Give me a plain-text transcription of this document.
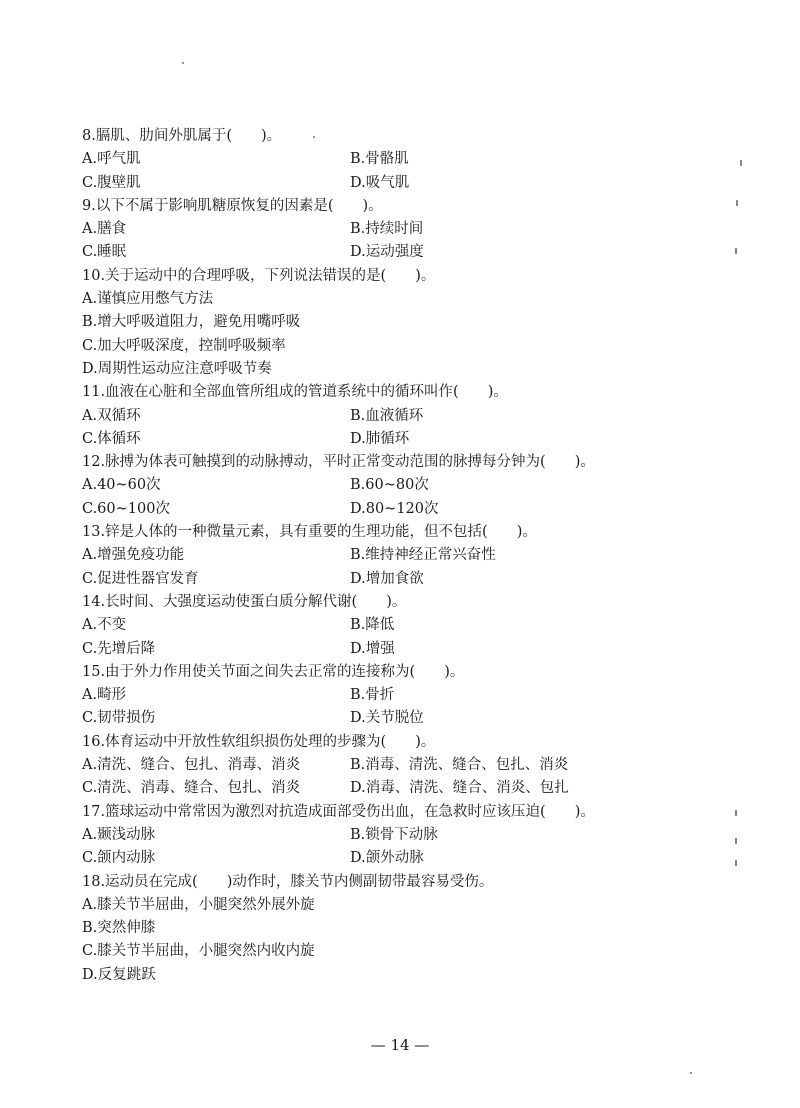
8.膈肌、肋间外肌属于(　　)。
A.呼气肌	B.骨骼肌
C.腹壁肌	D.吸气肌
9.以下不属于影响肌糖原恢复的因素是(　　)。
A.膳食	B.持续时间
C.睡眠	D.运动强度
10.关于运动中的合理呼吸，下列说法错误的是(　　)。
A.谨慎应用憋气方法
B.增大呼吸道阻力，避免用嘴呼吸
C.加大呼吸深度，控制呼吸频率
D.周期性运动应注意呼吸节奏
11.血液在心脏和全部血管所组成的管道系统中的循环叫作(　　)。
A.双循环	B.血液循环
C.体循环	D.肺循环
12.脉搏为体表可触摸到的动脉搏动，平时正常变动范围的脉搏每分钟为(　　)。
A.40~60次	B.60~80次
C.60~100次	D.80~120次
13.锌是人体的一种微量元素，具有重要的生理功能，但不包括(　　)。
A.增强免疫功能	B.维持神经正常兴奋性
C.促进性器官发育	D.增加食欲
14.长时间、大强度运动使蛋白质分解代谢(　　)。
A.不变	B.降低
C.先增后降	D.增强
15.由于外力作用使关节面之间失去正常的连接称为(　　)。
A.畸形	B.骨折
C.韧带损伤	D.关节脱位
16.体育运动中开放性软组织损伤处理的步骤为(　　)。
A.清洗、缝合、包扎、消毒、消炎	B.消毒、清洗、缝合、包扎、消炎
C.清洗、消毒、缝合、包扎、消炎	D.消毒、清洗、缝合、消炎、包扎
17.篮球运动中常常因为激烈对抗造成面部受伤出血，在急救时应该压迫(　　)。
A.颞浅动脉	B.锁骨下动脉
C.颌内动脉	D.颌外动脉
18.运动员在完成(　　)动作时，膝关节内侧副韧带最容易受伤。
A.膝关节半屈曲，小腿突然外展外旋
B.突然伸膝
C.膝关节半屈曲，小腿突然内收内旋
D.反复跳跃
— 14 —
